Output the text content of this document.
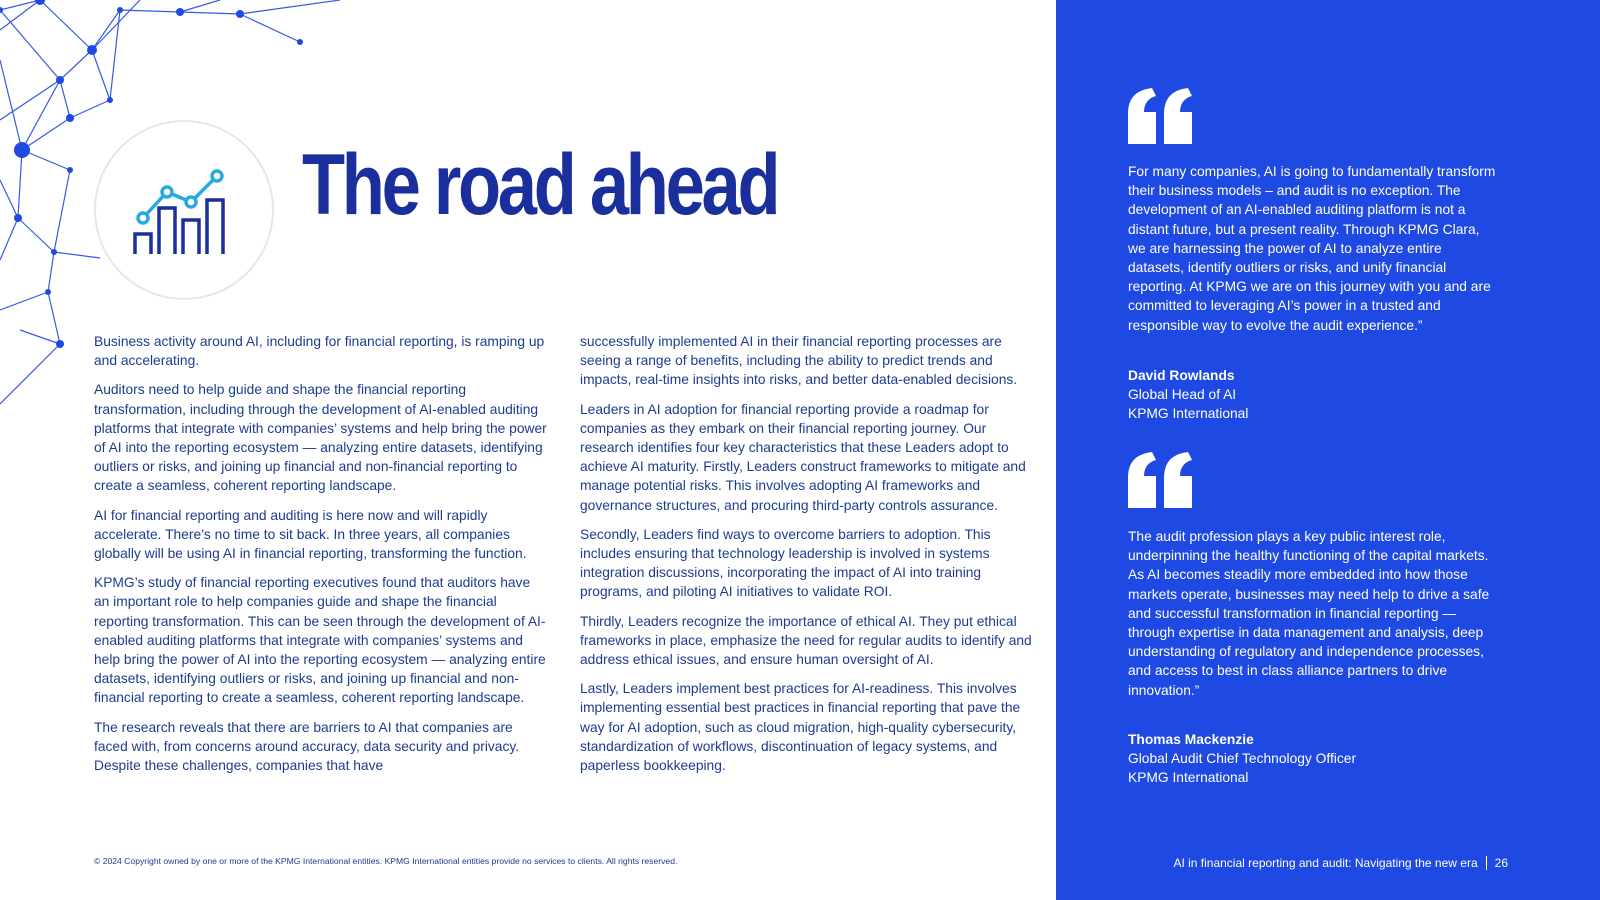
The road ahead

Business activity around AI, including for financial reporting, is ramping up and accelerating.

Auditors need to help guide and shape the financial reporting transformation, including through the development of AI-enabled auditing platforms that integrate with companies’ systems and help bring the power of AI into the reporting ecosystem — analyzing entire datasets, identifying outliers or risks, and joining up financial and non-financial reporting to create a seamless, coherent reporting landscape.

AI for financial reporting and auditing is here now and will rapidly accelerate. There’s no time to sit back. In three years, all companies globally will be using AI in financial reporting, transforming the function.

KPMG’s study of financial reporting executives found that auditors have an important role to help companies guide and shape the financial reporting transformation. This can be seen through the development of AI-enabled auditing platforms that integrate with companies’ systems and help bring the power of AI into the reporting ecosystem — analyzing entire datasets, identifying outliers or risks, and joining up financial and non-financial reporting to create a seamless, coherent reporting landscape.

The research reveals that there are barriers to AI that companies are faced with, from concerns around accuracy, data security and privacy. Despite these challenges, companies that have

successfully implemented AI in their financial reporting processes are seeing a range of benefits, including the ability to predict trends and impacts, real-time insights into risks, and better data-enabled decisions.

Leaders in AI adoption for financial reporting provide a roadmap for companies as they embark on their financial reporting journey. Our research identifies four key characteristics that these Leaders adopt to achieve AI maturity. Firstly, Leaders construct frameworks to mitigate and manage potential risks. This involves adopting AI frameworks and governance structures, and procuring third-party controls assurance.

Secondly, Leaders find ways to overcome barriers to adoption. This includes ensuring that technology leadership is involved in systems integration discussions, incorporating the impact of AI into training programs, and piloting AI initiatives to validate ROI.

Thirdly, Leaders recognize the importance of ethical AI. They put ethical frameworks in place, emphasize the need for regular audits to identify and address ethical issues, and ensure human oversight of AI.

Lastly, Leaders implement best practices for AI-readiness. This involves implementing essential best practices in financial reporting that pave the way for AI adoption, such as cloud migration, high-quality cybersecurity, standardization of workflows, discontinuation of legacy systems, and paperless bookkeeping.

© 2024 Copyright owned by one or more of the KPMG International entities. KPMG International entities provide no services to clients. All rights reserved.

For many companies, AI is going to fundamentally transform their business models – and audit is no exception. The development of an AI-enabled auditing platform is not a distant future, but a present reality. Through KPMG Clara, we are harnessing the power of AI to analyze entire datasets, identify outliers or risks, and unify financial reporting. At KPMG we are on this journey with you and are committed to leveraging AI’s power in a trusted and responsible way to evolve the audit experience.”

David Rowlands
Global Head of AI
KPMG International

The audit profession plays a key public interest role, underpinning the healthy functioning of the capital markets. As AI becomes steadily more embedded into how those markets operate, businesses may need help to drive a safe and successful transformation in financial reporting — through expertise in data management and analysis, deep understanding of regulatory and independence processes, and access to best in class alliance partners to drive innovation.”

Thomas Mackenzie
Global Audit Chief Technology Officer
KPMG International
AI in financial reporting and audit: Navigating the new era 26
